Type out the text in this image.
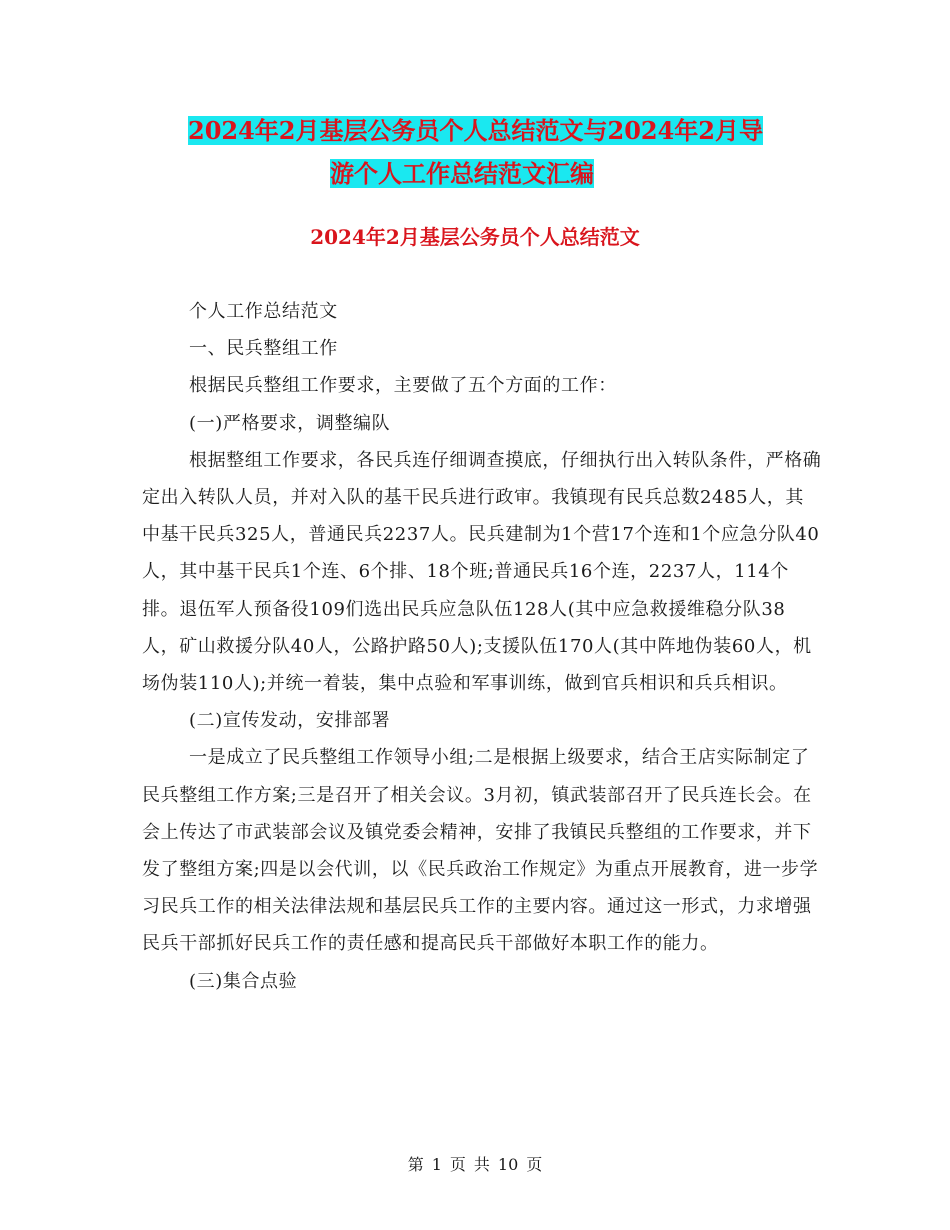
2024年2月基层公务员个人总结范文与2024年2月导
游个人工作总结范文汇编
2024年2月基层公务员个人总结范文

个人工作总结范文

一、民兵整组工作

根据民兵整组工作要求，主要做了五个方面的工作：

(一)严格要求，调整编队

根据整组工作要求，各民兵连仔细调查摸底，仔细执行出入转队条件，严格确定出入转队人员，并对入队的基干民兵进行政审。我镇现有民兵总数2485人，其中基干民兵325人，普通民兵2237人。民兵建制为1个营17个连和1个应急分队40人，其中基干民兵1个连、6个排、18个班;普通民兵16个连，2237人，114个排。退伍军人预备役109们选出民兵应急队伍128人(其中应急救援维稳分队38人，矿山救援分队40人，公路护路50人);支援队伍170人(其中阵地伪装60人，机场伪装110人);并统一着装，集中点验和军事训练，做到官兵相识和兵兵相识。

(二)宣传发动，安排部署

一是成立了民兵整组工作领导小组;二是根据上级要求，结合王店实际制定了民兵整组工作方案;三是召开了相关会议。3月初，镇武装部召开了民兵连长会。在会上传达了市武装部会议及镇党委会精神，安排了我镇民兵整组的工作要求，并下发了整组方案;四是以会代训，以《民兵政治工作规定》为重点开展教育，进一步学习民兵工作的相关法律法规和基层民兵工作的主要内容。通过这一形式，力求增强民兵干部抓好民兵工作的责任感和提高民兵干部做好本职工作的能力。

(三)集合点验

第 1 页 共 10 页
